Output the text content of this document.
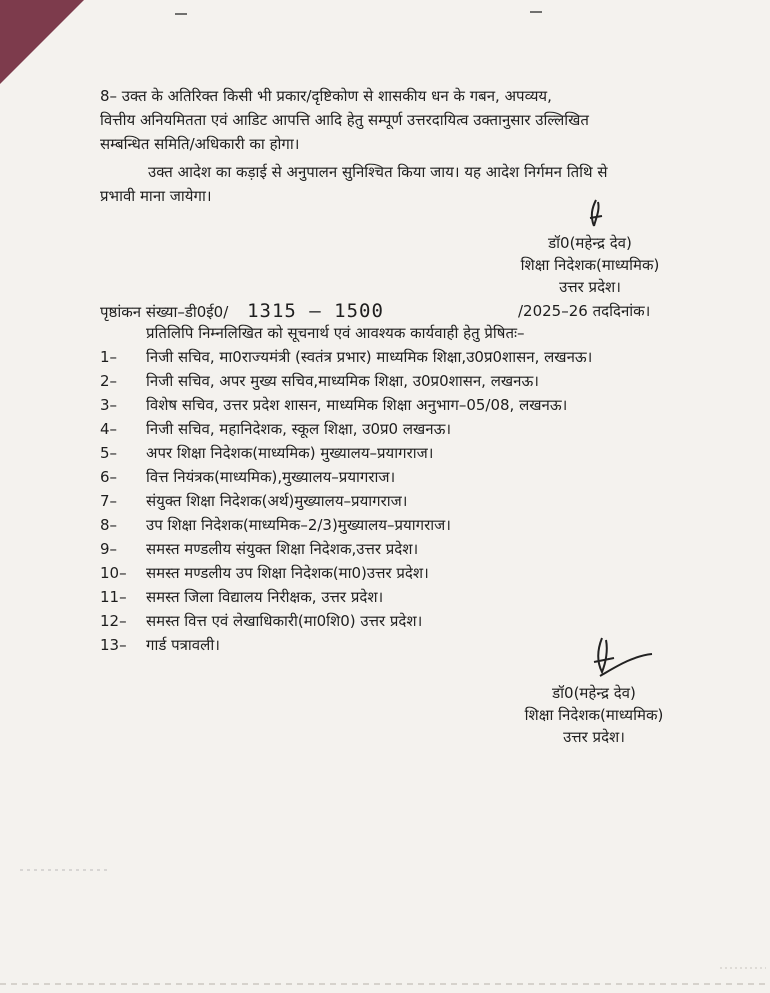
8– उक्त के अतिरिक्त किसी भी प्रकार/दृष्टिकोण से शासकीय धन के गबन, अपव्यय,
वित्तीय अनियमितता एवं आडिट आपत्ति आदि हेतु सम्पूर्ण उत्तरदायित्व उक्तानुसार उल्लिखित
सम्बन्धित समिति/अधिकारी का होगा।
उक्त आदेश का कड़ाई से अनुपालन सुनिश्चित किया जाय। यह आदेश निर्गमन तिथि से
प्रभावी माना जायेगा।
डॉ0(महेन्द्र देव)
शिक्षा निदेशक(माध्यमिक)
उत्तर प्रदेश।
पृष्ठांकन संख्या–डी0ई0/ 1315 – 1500	/2025–26 तददिनांक।
प्रतिलिपि निम्नलिखित को सूचनार्थ एवं आवश्यक कार्यवाही हेतु प्रेषितः–
1– निजी सचिव, मा0राज्यमंत्री (स्वतंत्र प्रभार) माध्यमिक शिक्षा,उ0प्र0शासन, लखनऊ।
2– निजी सचिव, अपर मुख्य सचिव,माध्यमिक शिक्षा, उ0प्र0शासन, लखनऊ।
3– विशेष सचिव, उत्तर प्रदेश शासन, माध्यमिक शिक्षा अनुभाग–05/08, लखनऊ।
4– निजी सचिव, महानिदेशक, स्कूल शिक्षा, उ0प्र0 लखनऊ।
5– अपर शिक्षा निदेशक(माध्यमिक) मुख्यालय–प्रयागराज।
6– वित्त नियंत्रक(माध्यमिक),मुख्यालय–प्रयागराज।
7– संयुक्त शिक्षा निदेशक(अर्थ)मुख्यालय–प्रयागराज।
8– उप शिक्षा निदेशक(माध्यमिक–2/3)मुख्यालय–प्रयागराज।
9– समस्त मण्डलीय संयुक्त शिक्षा निदेशक,उत्तर प्रदेश।
10– समस्त मण्डलीय उप शिक्षा निदेशक(मा0)उत्तर प्रदेश।
11– समस्त जिला विद्यालय निरीक्षक, उत्तर प्रदेश।
12– समस्त वित्त एवं लेखाधिकारी(मा0शि0) उत्तर प्रदेश।
13– गार्ड पत्रावली।
डॉ0(महेन्द्र देव)
शिक्षा निदेशक(माध्यमिक)
उत्तर प्रदेश।
